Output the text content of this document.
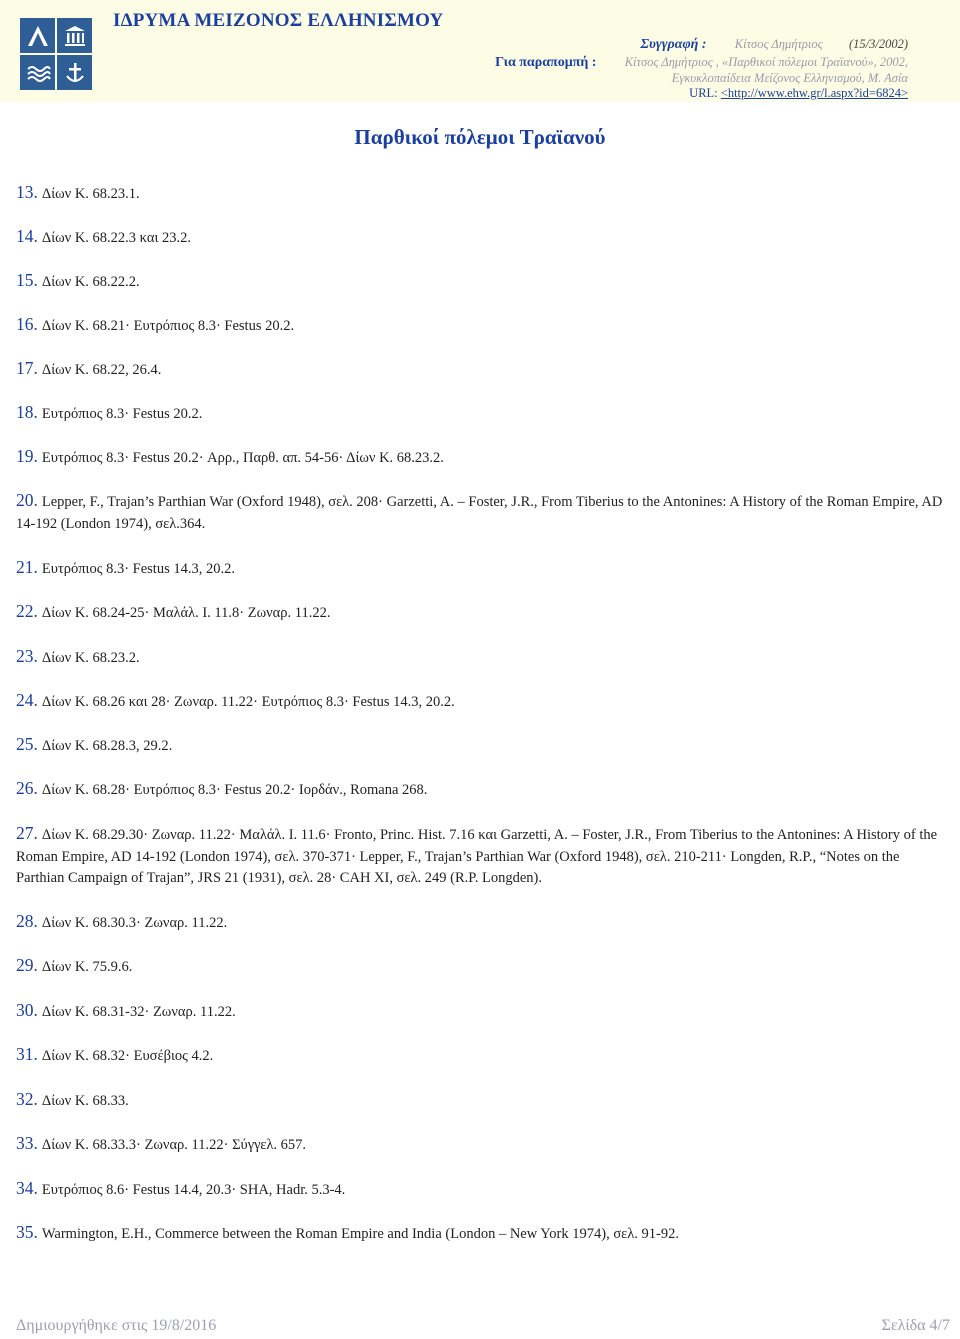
ΙΔΡΥΜΑ ΜΕΙΖΟΝΟΣ ΕΛΛΗΝΙΣΜΟΥ
Συγγραφή : Κίτσος Δημήτριος (15/3/2002)
Για παραπομπή : Κίτσος Δημήτριος , «Παρθικοί πόλεμοι Τραϊανού», 2002,
Εγκυκλοπαίδεια Μείζονος Ελληνισμού, Μ. Ασία
URL: <http://www.ehw.gr/l.aspx?id=6824>
Παρθικοί πόλεμοι Τραϊανού
13. Δίων Κ. 68.23.1.
14. Δίων Κ. 68.22.3 και 23.2.
15. Δίων Κ. 68.22.2.
16. Δίων Κ. 68.21· Ευτρόπιος 8.3· Festus 20.2.
17. Δίων Κ. 68.22, 26.4.
18. Ευτρόπιος 8.3· Festus 20.2.
19. Ευτρόπιος 8.3· Festus 20.2· Αρρ., Παρθ. απ. 54-56· Δίων Κ. 68.23.2.
20. Lepper, F., Trajan’s Parthian War (Oxford 1948), σελ. 208· Garzetti, A. – Foster, J.R., From Tiberius to the Antonines: A History of the Roman Empire, AD 14-192 (London 1974), σελ.364.
21. Ευτρόπιος 8.3· Festus 14.3, 20.2.
22. Δίων Κ. 68.24-25· Μαλάλ. Ι. 11.8· Ζωναρ. 11.22.
23. Δίων Κ. 68.23.2.
24. Δίων Κ. 68.26 και 28· Ζωναρ. 11.22· Ευτρόπιος 8.3· Festus 14.3, 20.2.
25. Δίων Κ. 68.28.3, 29.2.
26. Δίων Κ. 68.28· Ευτρόπιος 8.3· Festus 20.2· Ιορδάν., Romana 268.
27. Δίων Κ. 68.29.30· Ζωναρ. 11.22· Μαλάλ. Ι. 11.6· Fronto, Princ. Hist. 7.16 και Garzetti, A. – Foster, J.R., From Tiberius to the Antonines: A History of the Roman Empire, AD 14-192 (London 1974), σελ. 370-371· Lepper, F., Trajan’s Parthian War (Oxford 1948), σελ. 210-211· Longden, R.P., “Notes on the Parthian Campaign of Trajan”, JRS 21 (1931), σελ. 28· CAH XI, σελ. 249 (R.P. Longden).
28. Δίων Κ. 68.30.3· Ζωναρ. 11.22.
29. Δίων Κ. 75.9.6.
30. Δίων Κ. 68.31-32· Ζωναρ. 11.22.
31. Δίων Κ. 68.32· Ευσέβιος 4.2.
32. Δίων Κ. 68.33.
33. Δίων Κ. 68.33.3· Ζωναρ. 11.22· Σύγγελ. 657.
34. Ευτρόπιος 8.6· Festus 14.4, 20.3· SHA, Hadr. 5.3-4.
35. Warmington, E.H., Commerce between the Roman Empire and India (London – New York 1974), σελ. 91-92.
Δημιουργήθηκε στις 19/8/2016	Σελίδα 4/7
